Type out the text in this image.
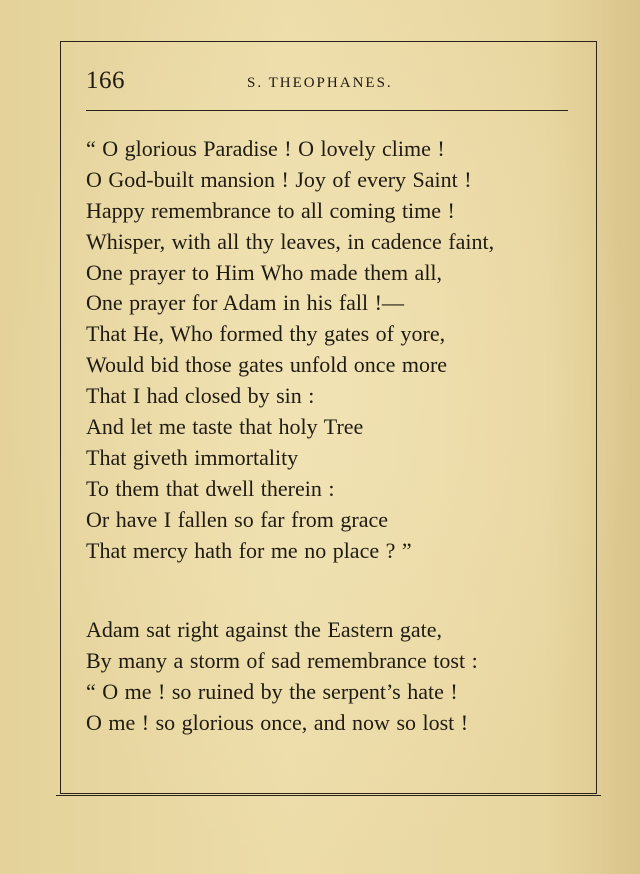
166	S. THEOPHANES.
“ O glorious Paradise ! O lovely clime !
O God-built mansion ! Joy of every Saint !
Happy remembrance to all coming time !
Whisper, with all thy leaves, in cadence faint,
One prayer to Him Who made them all,
One prayer for Adam in his fall !—
That He, Who formed thy gates of yore,
Would bid those gates unfold once more
That I had closed by sin :
And let me taste that holy Tree
That giveth immortality
To them that dwell therein :
Or have I fallen so far from grace
That mercy hath for me no place ? ”
Adam sat right against the Eastern gate,
By many a storm of sad remembrance tost :
“ O me ! so ruined by the serpent’s hate !
O me ! so glorious once, and now so lost !
